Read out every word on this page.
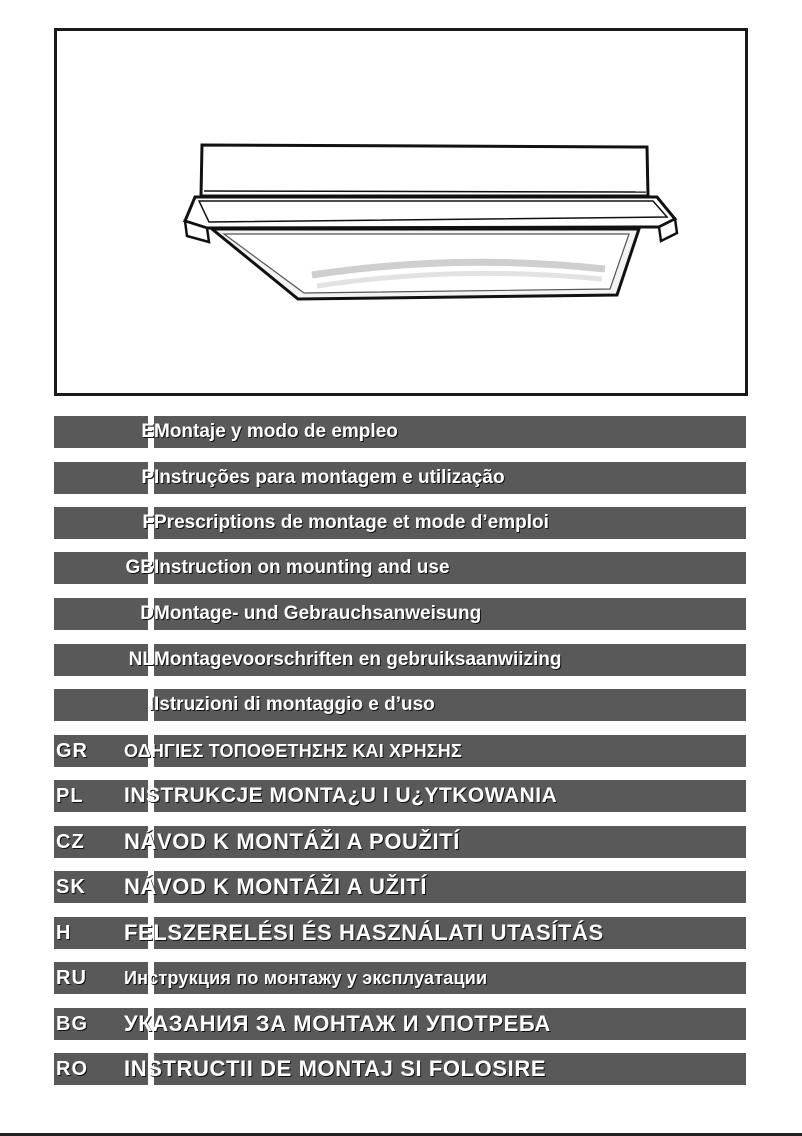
E Montaje y modo de empleo
P Instruções para montagem e utilização
F Prescriptions de montage et mode d’emploi
GB Instruction on mounting and use
D Montage- und Gebrauchsanweisung
NL Montagevoorschriften en gebruiksaanwiizing
I Istruzioni di montaggio e d’uso
GR ΟΔΗΓΙΕΣ ΤΟΠΟΘΕΤΗΣΗΣ ΚΑΙ ΧΡΗΣΗΣ
PL INSTRUKCJE MONTA¿U I U¿YTKOWANIA
CZ NÁVOD K MONTÁŽI A POUŽITÍ
SK NÁVOD K MONTÁŽI A UŽITÍ
H FELSZERELÉSI ÉS HASZNÁLATI UTASÍTÁS
RU Инструкция по монтажу у эксплуатации
BG УКАЗАНИЯ ЗА МОНТАЖ И УПОТРЕБА
RO INSTRUCTII DE MONTAJ SI FOLOSIRE
